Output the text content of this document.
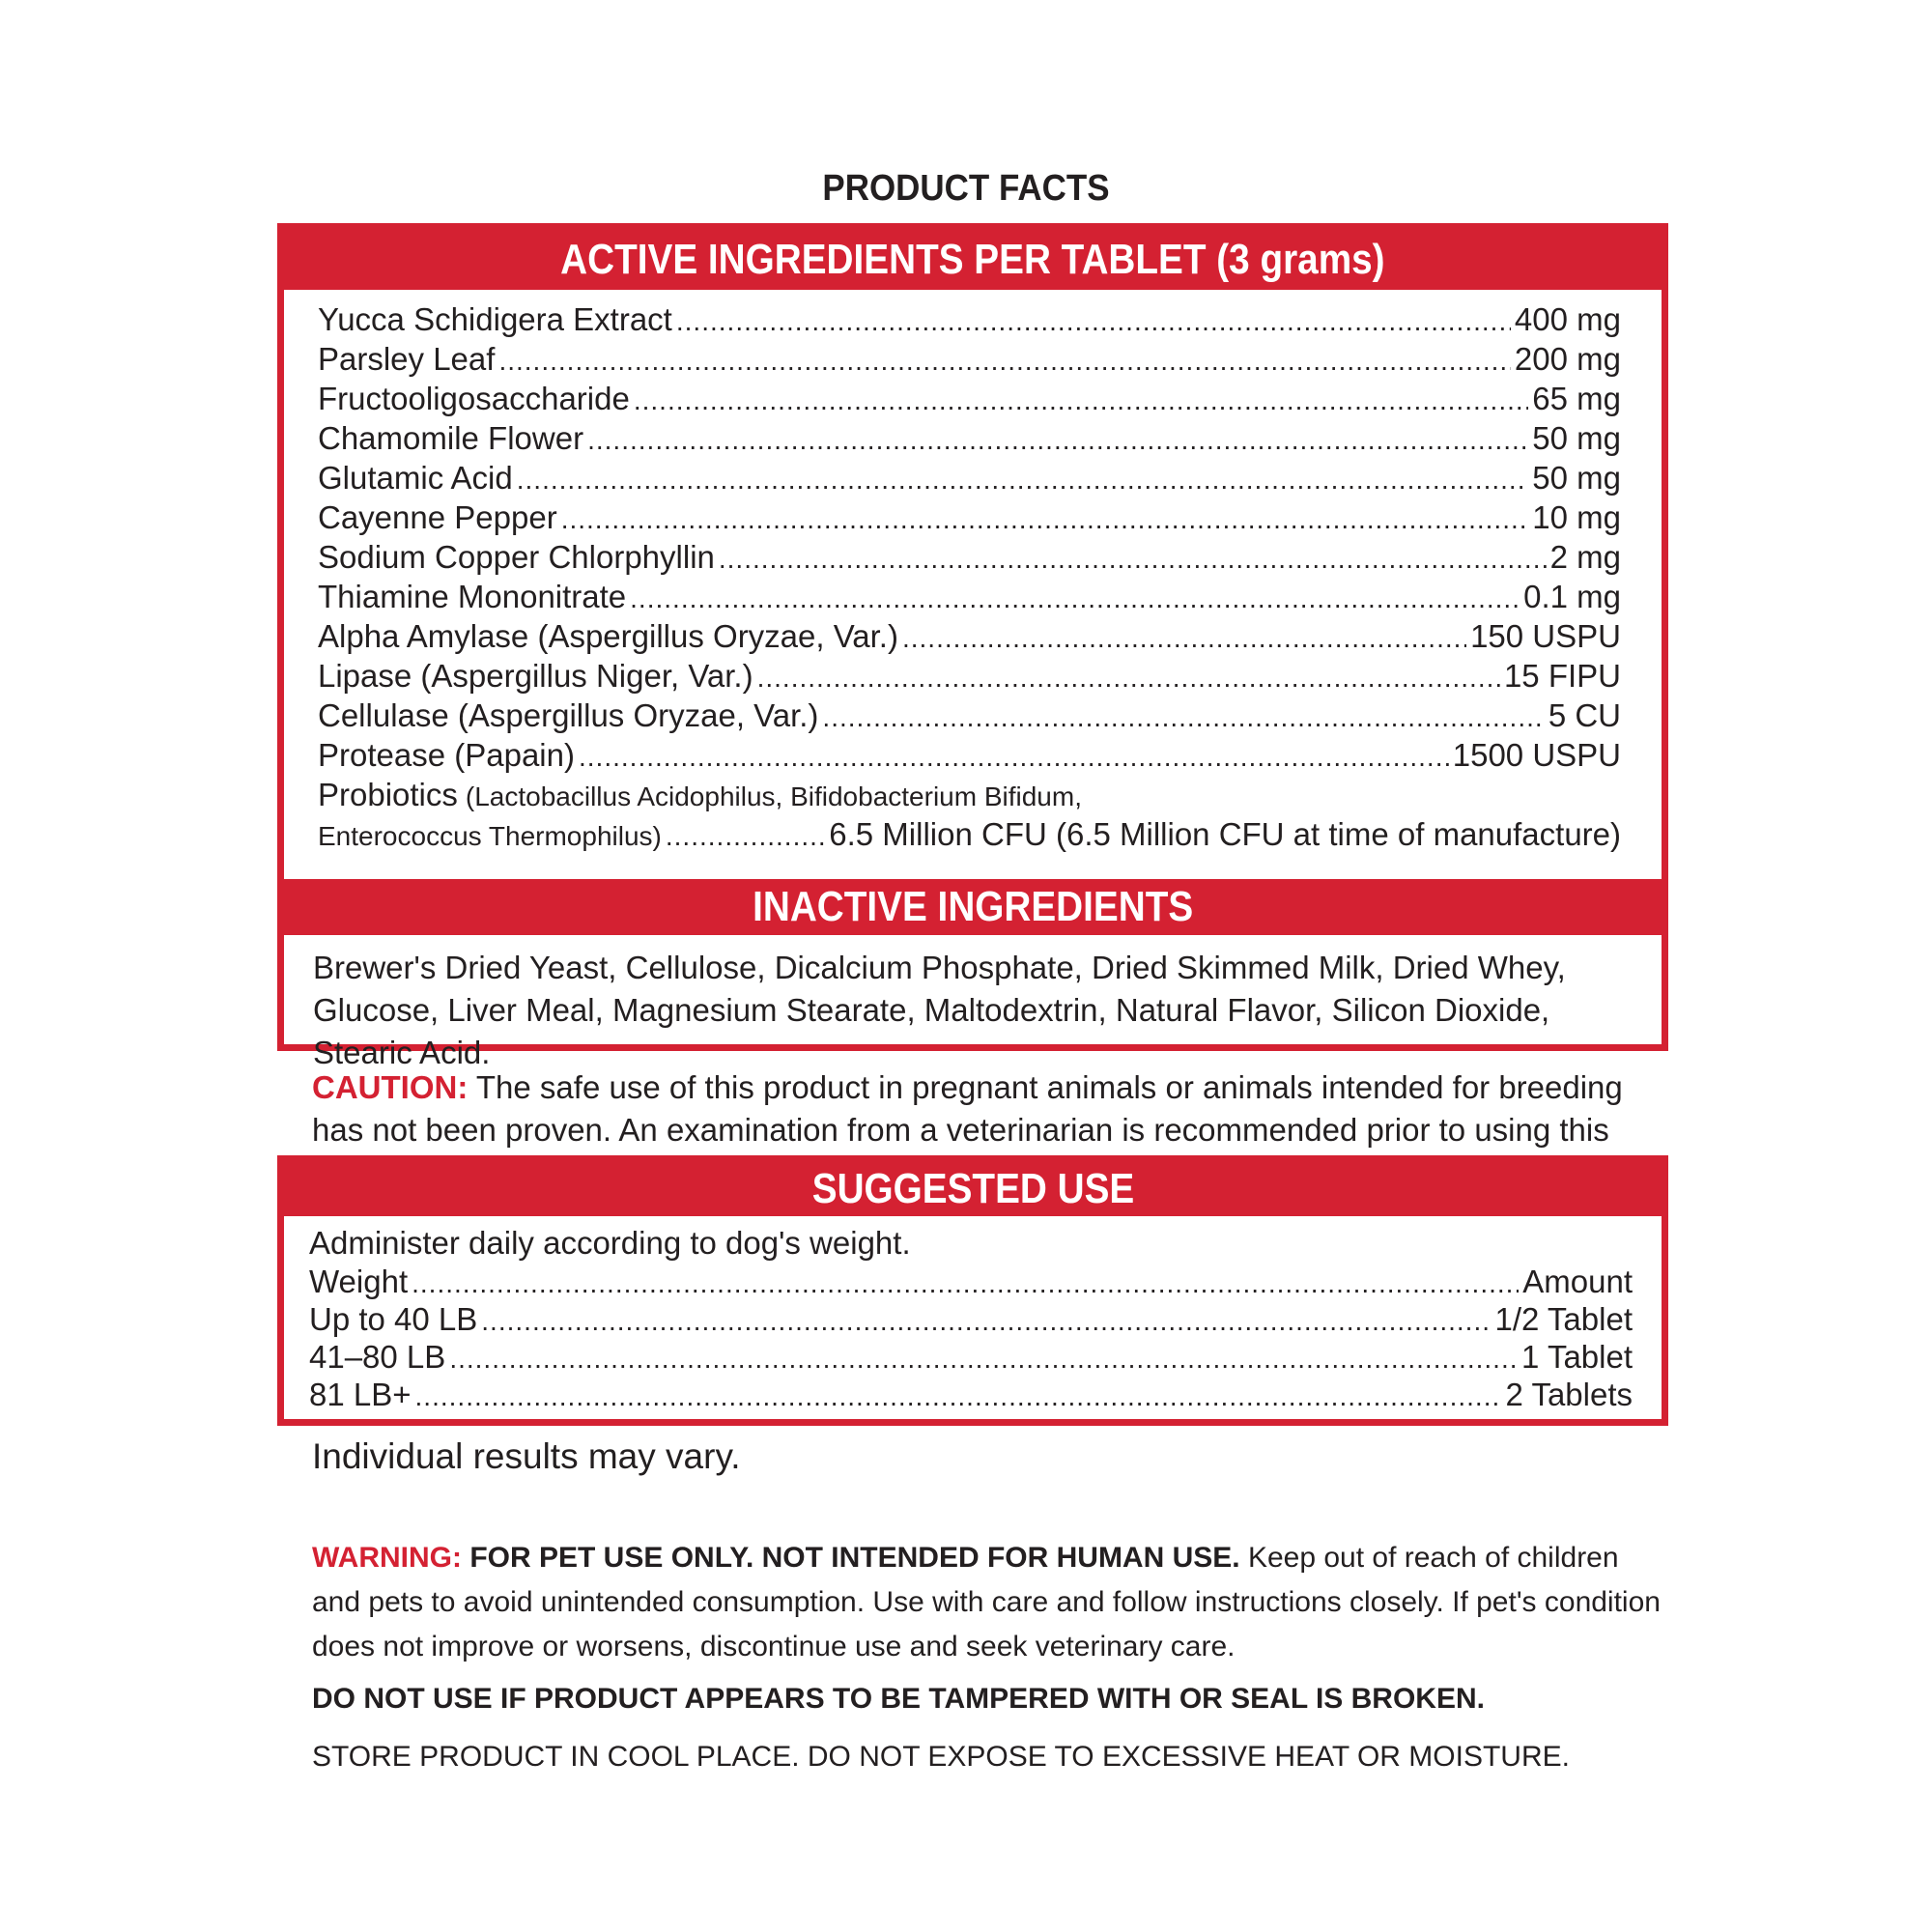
PRODUCT FACTS
ACTIVE INGREDIENTS PER TABLET (3 grams)
Yucca Schidigera Extract .....	400 mg
Parsley Leaf .....	200 mg
Fructooligosaccharide .....	65 mg
Chamomile Flower .....	50 mg
Glutamic Acid .....	50 mg
Cayenne Pepper .....	10 mg
Sodium Copper Chlorphyllin .....	2 mg
Thiamine Mononitrate .....	0.1 mg
Alpha Amylase (Aspergillus Oryzae, Var.) .....	150 USPU
Lipase (Aspergillus Niger, Var.) .....	15 FIPU
Cellulase (Aspergillus Oryzae, Var.) .....	5 CU
Protease (Papain) .....	1500 USPU
Probiotics (Lactobacillus Acidophilus, Bifidobacterium Bifidum,
Enterococcus Thermophilus) .....	6.5 Million CFU (6.5 Million CFU at time of manufacture)
INACTIVE INGREDIENTS
Brewer's Dried Yeast, Cellulose, Dicalcium Phosphate, Dried Skimmed Milk, Dried Whey, Glucose, Liver Meal, Magnesium Stearate, Maltodextrin, Natural Flavor, Silicon Dioxide, Stearic Acid.
CAUTION: The safe use of this product in pregnant animals or animals intended for breeding has not been proven. An examination from a veterinarian is recommended prior to using this
SUGGESTED USE
Administer daily according to dog's weight.
Weight .....	Amount
Up to 40 LB .....	1/2 Tablet
41–80 LB .....	1 Tablet
81 LB+ .....	2 Tablets
Individual results may vary.
WARNING: FOR PET USE ONLY. NOT INTENDED FOR HUMAN USE. Keep out of reach of children and pets to avoid unintended consumption. Use with care and follow instructions closely. If pet's condition does not improve or worsens, discontinue use and seek veterinary care.
DO NOT USE IF PRODUCT APPEARS TO BE TAMPERED WITH OR SEAL IS BROKEN.
STORE PRODUCT IN COOL PLACE. DO NOT EXPOSE TO EXCESSIVE HEAT OR MOISTURE.
